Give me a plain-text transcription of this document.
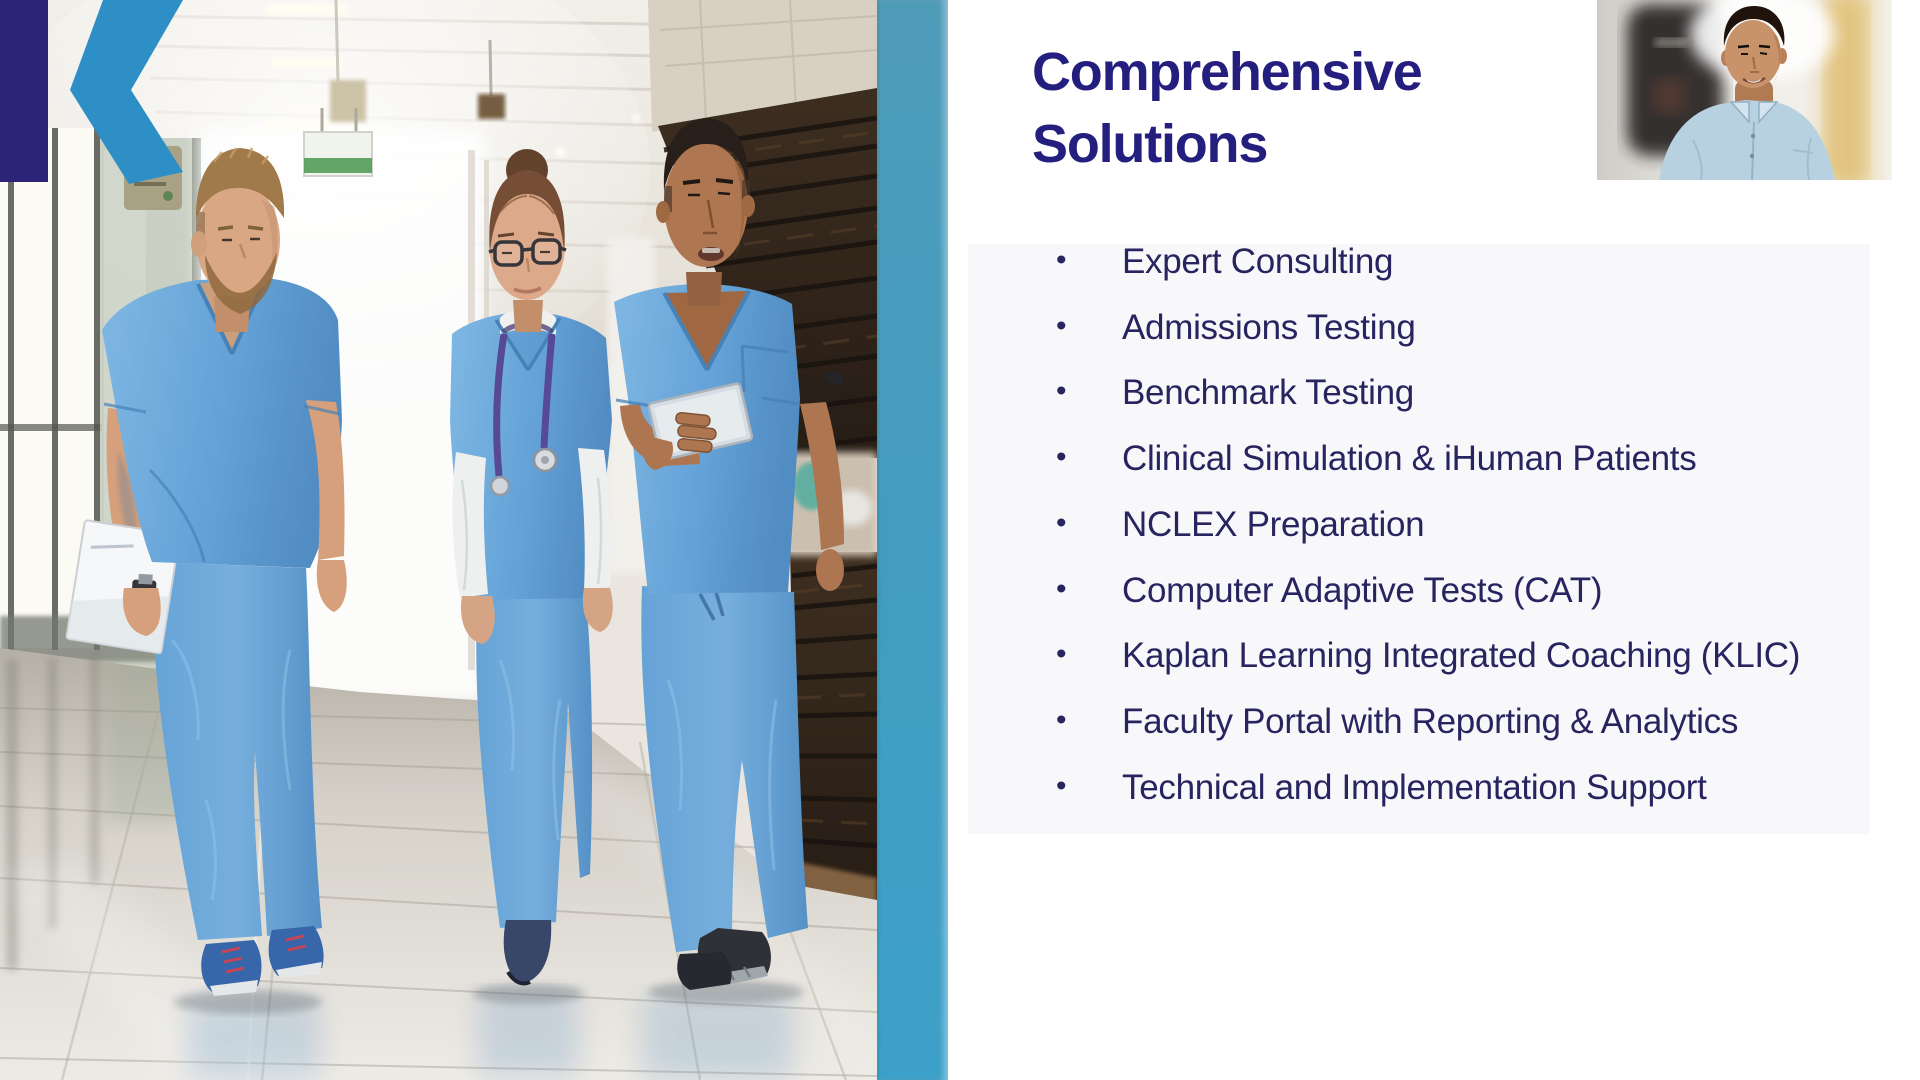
Comprehensive
Solutions
• Expert Consulting
• Admissions Testing
• Benchmark Testing
• Clinical Simulation & iHuman Patients
• NCLEX Preparation
• Computer Adaptive Tests (CAT)
• Kaplan Learning Integrated Coaching (KLIC)
• Faculty Portal with Reporting & Analytics
• Technical and Implementation Support
